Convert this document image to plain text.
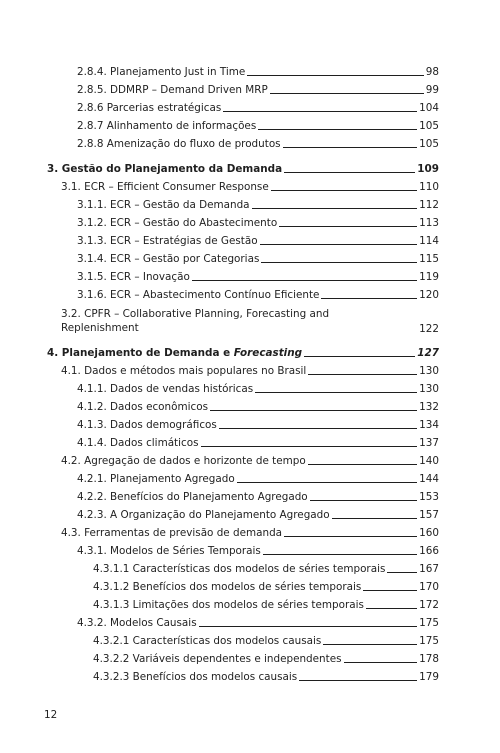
2.8.4. Planejamento Just in Time	98
2.8.5. DDMRP – Demand Driven MRP	99
2.8.6 Parcerias estratégicas	104
2.8.7 Alinhamento de informações	105
2.8.8 Amenização do fluxo de produtos	105
3. Gestão do Planejamento da Demanda	109
3.1. ECR – Efficient Consumer Response	110
3.1.1. ECR – Gestão da Demanda	112
3.1.2. ECR – Gestão do Abastecimento	113
3.1.3. ECR – Estratégias de Gestão	114
3.1.4. ECR – Gestão por Categorias	115
3.1.5. ECR – Inovação	119
3.1.6. ECR – Abastecimento Contínuo Eficiente	120
3.2. CPFR – Collaborative Planning, Forecasting and Replenishment	122
4. Planejamento de Demanda e Forecasting	127
4.1. Dados e métodos mais populares no Brasil	130
4.1.1. Dados de vendas históricas	130
4.1.2. Dados econômicos	132
4.1.3. Dados demográficos	134
4.1.4. Dados climáticos	137
4.2. Agregação de dados e horizonte de tempo	140
4.2.1. Planejamento Agregado	144
4.2.2. Benefícios do Planejamento Agregado	153
4.2.3. A Organização do Planejamento Agregado	157
4.3. Ferramentas de previsão de demanda	160
4.3.1. Modelos de Séries Temporais	166
4.3.1.1 Características dos modelos de séries temporais	167
4.3.1.2 Benefícios dos modelos de séries temporais	170
4.3.1.3 Limitações dos modelos de séries temporais	172
4.3.2. Modelos Causais	175
4.3.2.1 Características dos modelos causais	175
4.3.2.2 Variáveis dependentes e independentes	178
4.3.2.3 Benefícios dos modelos causais	179
12
